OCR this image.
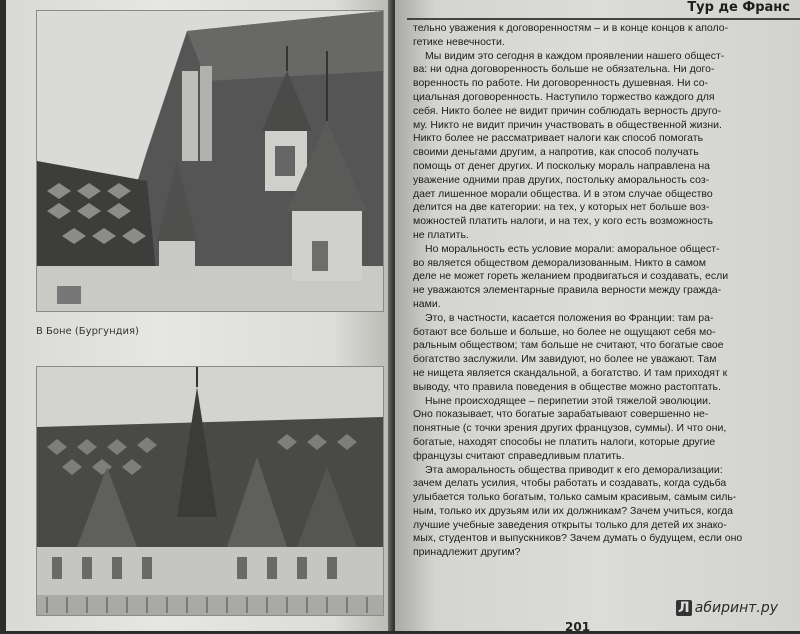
В Боне (Бургундия)
Тур де Франс
тельно уважения к договоренностям – и в конце концов к аполо-
гетике невечности.
Мы видим это сегодня в каждом проявлении нашего общест-
ва: ни одна договоренность больше не обязательна. Ни дого-
воренность по работе. Ни договоренность душевная. Ни со-
циальная договоренность. Наступило торжество каждого для
себя. Никто более не видит причин соблюдать верность друго-
му. Никто не видит причин участвовать в общественной жизни.
Никто более не рассматривает налоги как способ помогать
своими деньгами другим, а напротив, как способ получать
помощь от денег других. И поскольку мораль направлена на
уважение одними прав других, постольку аморальность соз-
дает лишенное морали общества. И в этом случае общество
делится на две категории: на тех, у которых нет больше воз-
можностей платить налоги, и на тех, у кого есть возможность
не платить.
Но моральность есть условие морали: аморальное общест-
во является обществом деморализованным. Никто в самом
деле не может гореть желанием продвигаться и создавать, если
не уважаются элементарные правила верности между гражда-
нами.
Это, в частности, касается положения во Франции: там ра-
ботают все больше и больше, но более не ощущают себя мо-
ральным обществом; там больше не считают, что богатые свое
богатство заслужили. Им завидуют, но более не уважают. Там
не нищета является скандальной, а богатство. И там приходят к
выводу, что правила поведения в обществе можно растоптать.
Ныне происходящее – перипетии этой тяжелой эволюции.
Оно показывает, что богатые зарабатывают совершенно не-
понятные (с точки зрения других французов, суммы). И что они,
богатые, находят способы не платить налоги, которые другие
французы считают справедливым платить.
Эта аморальность общества приводит к его деморализации:
зачем делать усилия, чтобы работать и создавать, когда судьба
улыбается только богатым, только самым красивым, самым силь-
ным, только их друзьям или их должникам? Зачем учиться, когда
лучшие учебные заведения открыты только для детей их знако-
мых, студентов и выпускников? Зачем думать о будущем, если оно
принадлежит другим?
201
Л абиринт.ру
